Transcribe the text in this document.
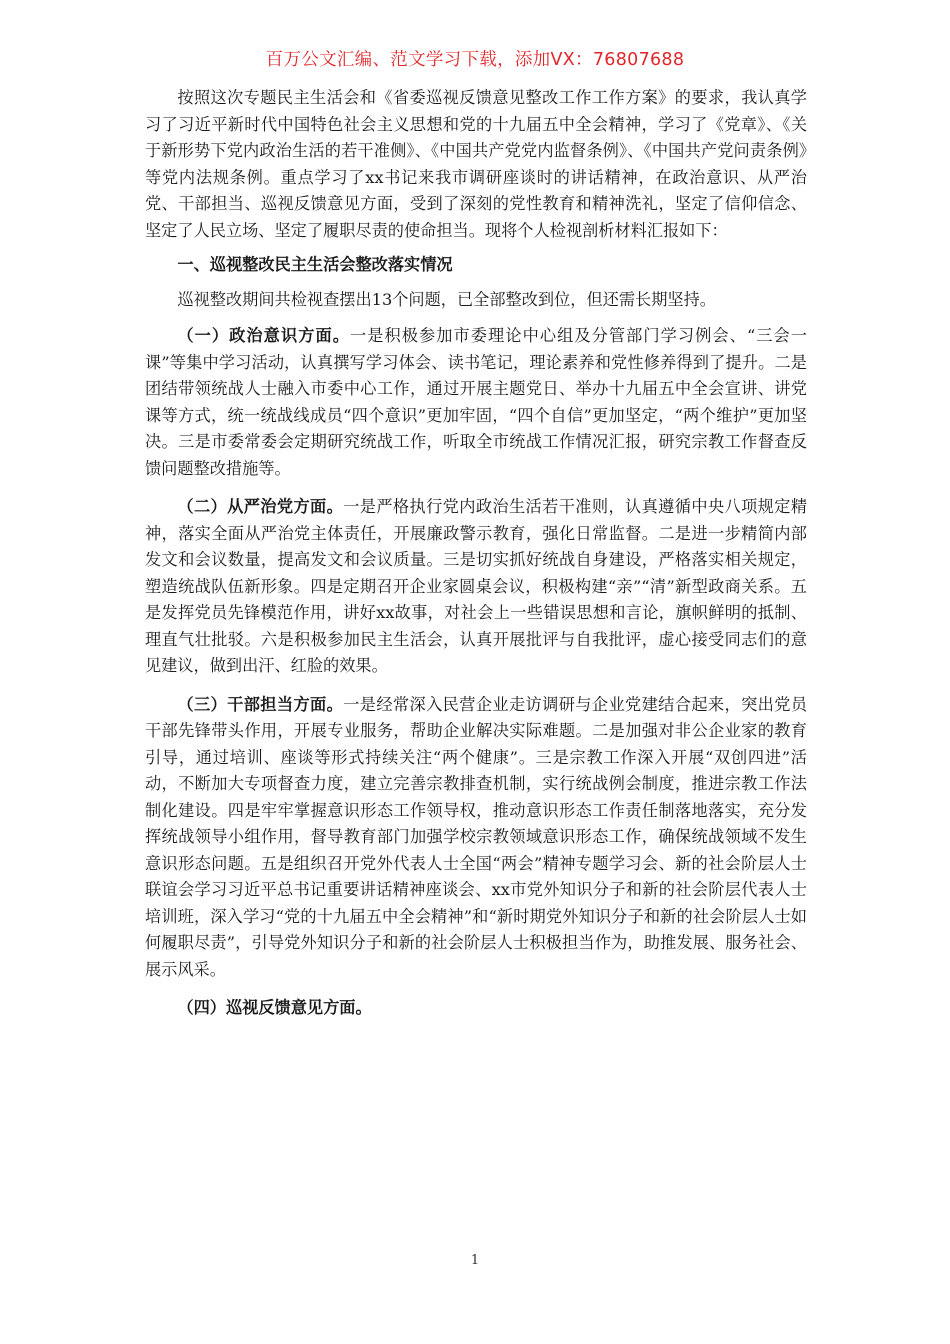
百万公文汇编、范文学习下载，添加VX：76807688

按照这次专题民主生活会和《省委巡视反馈意见整改工作工作方案》的要求，我认真学习了习近平新时代中国特色社会主义思想和党的十九届五中全会精神，学习了《党章》、《关于新形势下党内政治生活的若干准侧》、《中国共产党党内监督条例》、《中国共产党问责条例》等党内法规条例。重点学习了xx书记来我市调研座谈时的讲话精神，在政治意识、从严治党、干部担当、巡视反馈意见方面，受到了深刻的党性教育和精神洗礼，坚定了信仰信念、坚定了人民立场、坚定了履职尽责的使命担当。现将个人检视剖析材料汇报如下：

一、巡视整改民主生活会整改落实情况

巡视整改期间共检视查摆出13个问题，已全部整改到位，但还需长期坚持。

（一）政治意识方面。一是积极参加市委理论中心组及分管部门学习例会、“三会一课”等集中学习活动，认真撰写学习体会、读书笔记，理论素养和党性修养得到了提升。二是团结带领统战人士融入市委中心工作，通过开展主题党日、举办十九届五中全会宣讲、讲党课等方式，统一统战线成员“四个意识”更加牢固，“四个自信”更加坚定，“两个维护”更加坚决。三是市委常委会定期研究统战工作，听取全市统战工作情况汇报，研究宗教工作督查反馈问题整改措施等。

（二）从严治党方面。一是严格执行党内政治生活若干准则，认真遵循中央八项规定精神，落实全面从严治党主体责任，开展廉政警示教育，强化日常监督。二是进一步精简内部发文和会议数量，提高发文和会议质量。三是切实抓好统战自身建设，严格落实相关规定，塑造统战队伍新形象。四是定期召开企业家圆桌会议，积极构建“亲”“清”新型政商关系。五是发挥党员先锋模范作用，讲好xx故事，对社会上一些错误思想和言论，旗帜鲜明的抵制、理直气壮批驳。六是积极参加民主生活会，认真开展批评与自我批评，虚心接受同志们的意见建议，做到出汗、红脸的效果。

（三）干部担当方面。一是经常深入民营企业走访调研与企业党建结合起来，突出党员干部先锋带头作用，开展专业服务，帮助企业解决实际难题。二是加强对非公企业家的教育引导，通过培训、座谈等形式持续关注“两个健康”。三是宗教工作深入开展“双创四进”活动，不断加大专项督查力度，建立完善宗教排查机制，实行统战例会制度，推进宗教工作法制化建设。四是牢牢掌握意识形态工作领导权，推动意识形态工作责任制落地落实，充分发挥统战领导小组作用，督导教育部门加强学校宗教领域意识形态工作，确保统战领域不发生意识形态问题。五是组织召开党外代表人士全国“两会”精神专题学习会、新的社会阶层人士联谊会学习习近平总书记重要讲话精神座谈会、xx市党外知识分子和新的社会阶层代表人士培训班，深入学习“党的十九届五中全会精神”和“新时期党外知识分子和新的社会阶层人士如何履职尽责”，引导党外知识分子和新的社会阶层人士积极担当作为，助推发展、服务社会、展示风采。

（四）巡视反馈意见方面。

1
